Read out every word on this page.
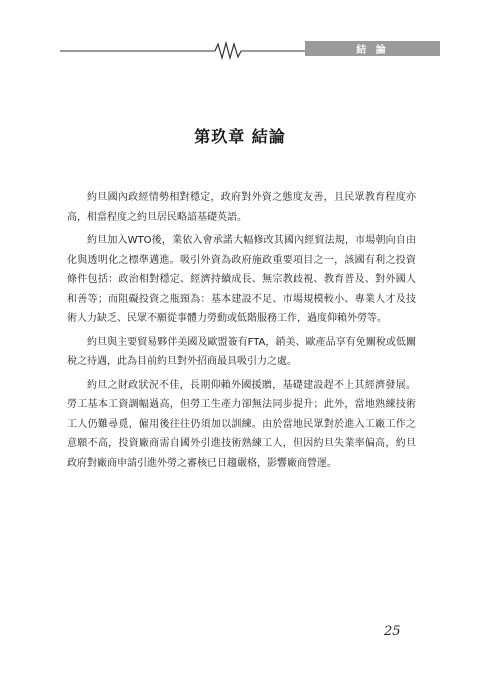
結 論
第玖章 結論

約旦國內政經情勢相對穩定，政府對外資之態度友善，且民眾教育程度亦高，相當程度之約旦居民略諳基礎英語。

約旦加入WTO後，業依入會承諾大幅修改其國內經貿法規，市場朝向自由化與透明化之標準邁進。吸引外資為政府施政重要項目之一，該國有利之投資條件包括：政治相對穩定、經濟持續成長、無宗教歧視、教育普及、對外國人和善等；而阻礙投資之瓶頸為：基本建設不足、市場規模較小、專業人才及技術人力缺乏、民眾不願從事體力勞動或低階服務工作，過度仰賴外勞等。

約旦與主要貿易夥伴美國及歐盟簽有FTA，銷美、歐產品享有免關稅或低關稅之待遇，此為目前約旦對外招商最具吸引力之處。

約旦之財政狀況不佳，長期仰賴外國援贈，基礎建設趕不上其經濟發展。勞工基本工資調幅過高，但勞工生產力卻無法同步提升；此外，當地熟練技術工人仍難尋覓，僱用後往往仍須加以訓練。由於當地民眾對於進入工廠工作之意願不高，投資廠商需自國外引進技術熟練工人，但因約旦失業率偏高，約旦政府對廠商申請引進外勞之審核已日趨嚴格，影響廠商營運。

25
